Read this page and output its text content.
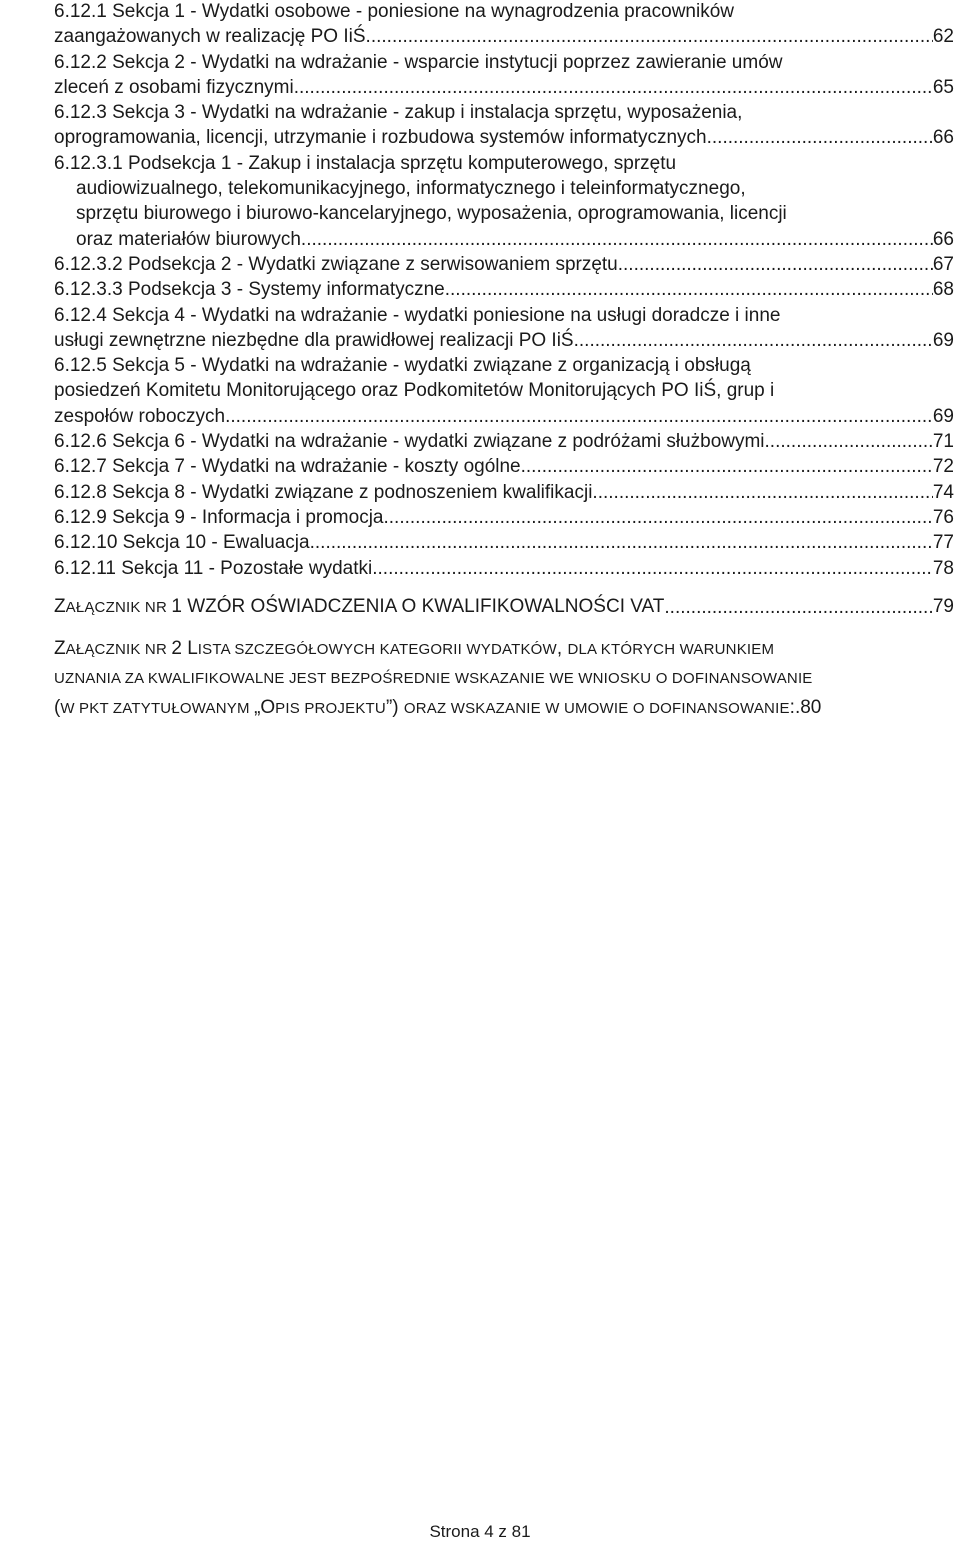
6.12.1 Sekcja 1 - Wydatki osobowe - poniesione na wynagrodzenia pracowników
zaangażowanych w realizację PO IiŚ .....	62
6.12.2 Sekcja 2 - Wydatki na wdrażanie - wsparcie instytucji poprzez zawieranie umów
zleceń z osobami fizycznymi .....	65
6.12.3 Sekcja 3 - Wydatki na wdrażanie - zakup i instalacja sprzętu, wyposażenia,
oprogramowania, licencji, utrzymanie i rozbudowa systemów informatycznych .....	66
6.12.3.1 Podsekcja 1 - Zakup i instalacja sprzętu komputerowego, sprzętu
audiowizualnego, telekomunikacyjnego, informatycznego i teleinformatycznego,
sprzętu biurowego i biurowo-kancelaryjnego, wyposażenia, oprogramowania, licencji
oraz materiałów biurowych .....	66
6.12.3.2 Podsekcja 2 - Wydatki związane z serwisowaniem sprzętu .....	67
6.12.3.3 Podsekcja 3 - Systemy informatyczne .....	68
6.12.4 Sekcja 4 - Wydatki na wdrażanie - wydatki poniesione na usługi doradcze i inne
usługi zewnętrzne niezbędne dla prawidłowej realizacji PO IiŚ .....	69
6.12.5 Sekcja 5 - Wydatki na wdrażanie - wydatki związane z organizacją i obsługą
posiedzeń Komitetu Monitorującego oraz Podkomitetów Monitorujących PO IiŚ, grup i
zespołów roboczych .....	69
6.12.6 Sekcja 6 - Wydatki na wdrażanie - wydatki związane z podróżami służbowymi .....	71
6.12.7 Sekcja 7 - Wydatki na wdrażanie - koszty ogólne .....	72
6.12.8 Sekcja 8 - Wydatki związane z podnoszeniem kwalifikacji .....	74
6.12.9 Sekcja 9 - Informacja i promocja .....	76
6.12.10 Sekcja 10 - Ewaluacja .....	77
6.12.11 Sekcja 11 - Pozostałe wydatki .....	78
ZAŁĄCZNIK NR 1 WZÓR OŚWIADCZENIA O KWALIFIKOWALNOŚCI VAT .....	79
ZAŁĄCZNIK NR 2 LISTA SZCZEGÓŁOWYCH KATEGORII WYDATKÓW, DLA KTÓRYCH WARUNKIEM
UZNANIA ZA KWALIFIKOWALNE JEST BEZPOŚREDNIE WSKAZANIE WE WNIOSKU O DOFINANSOWANIE
(W PKT ZATYTUŁOWANYM „OPIS PROJEKTU”) ORAZ WSKAZANIE W UMOWIE O DOFINANSOWANIE:. 80
Strona 4 z 81
